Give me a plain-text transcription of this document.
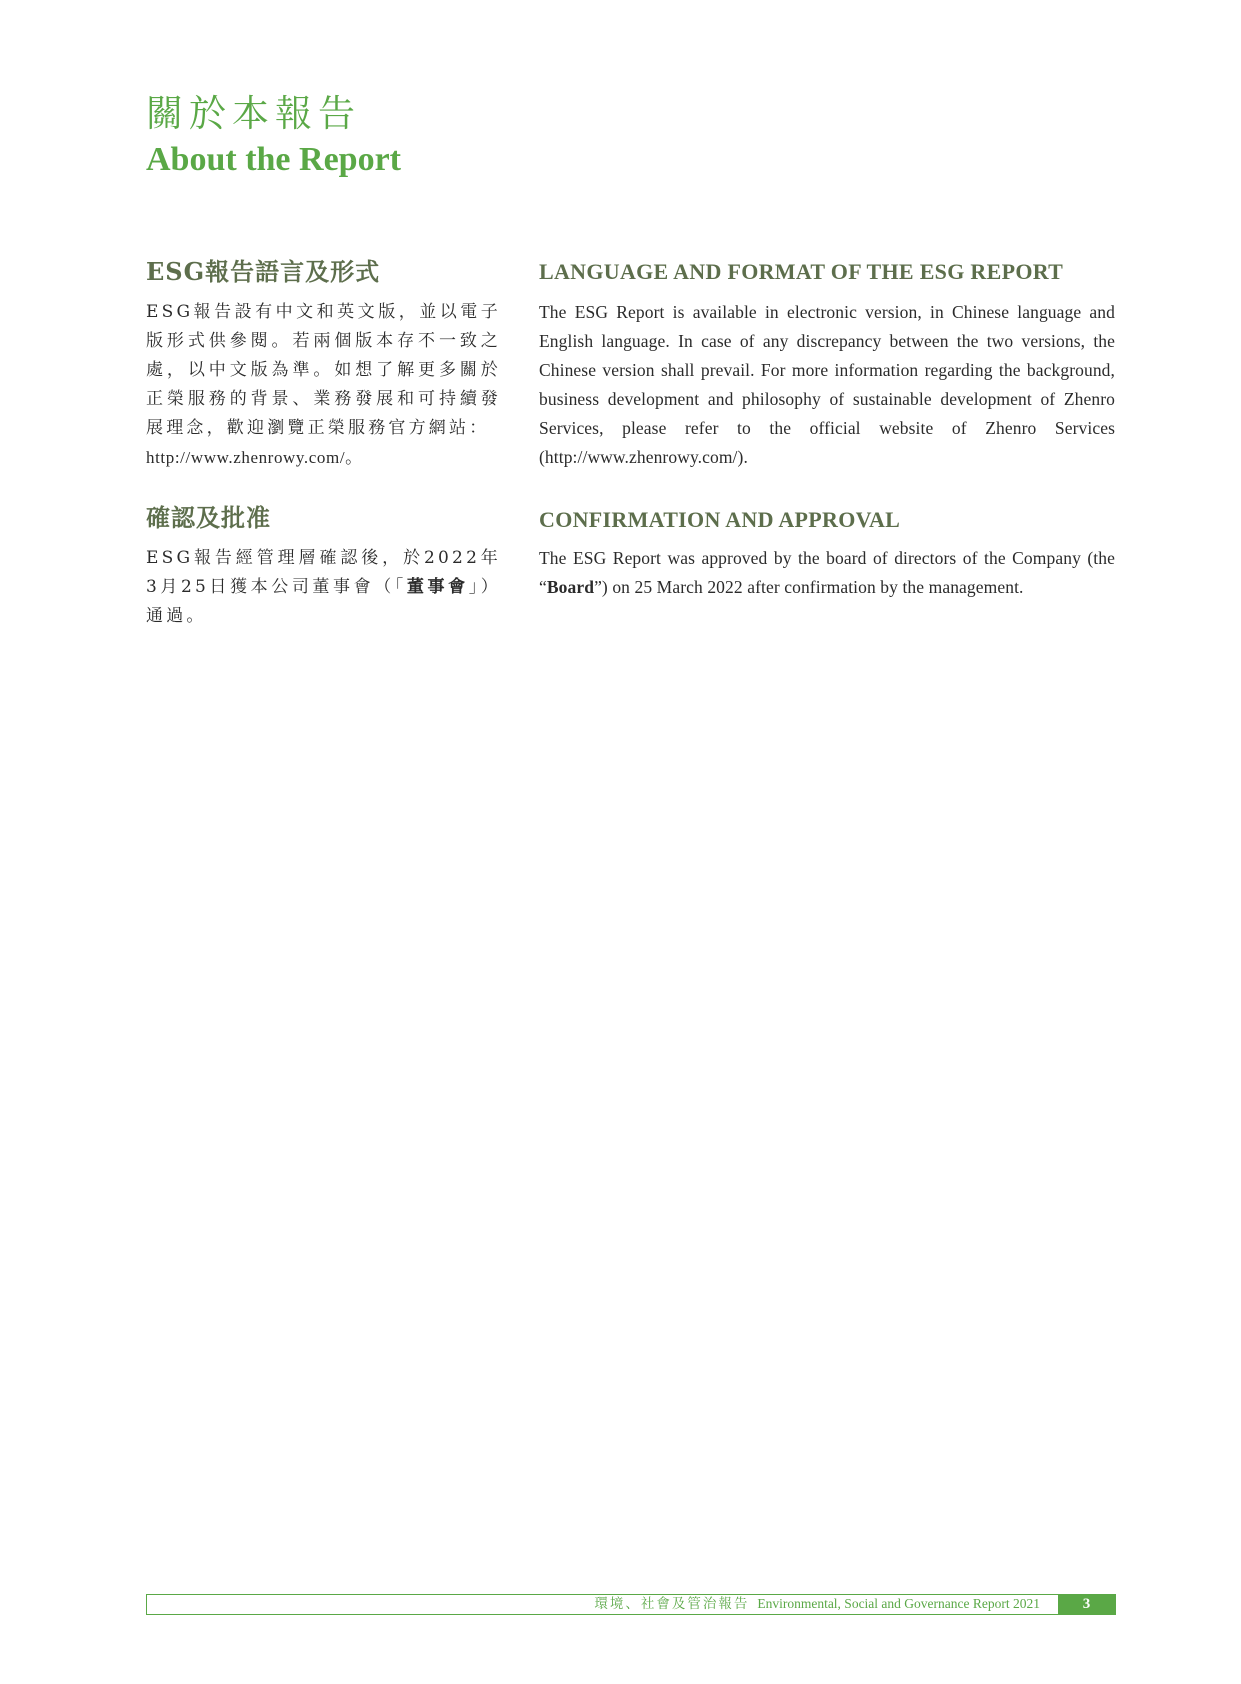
關於本報告
About the Report
ESG報告語言及形式

ESG報告設有中文和英文版，並以電子版形式供參閱。若兩個版本存不一致之處，以中文版為準。如想了解更多關於正榮服務的背景、業務發展和可持續發展理念，歡迎瀏覽正榮服務官方網站：
http://www.zhenrowy.com/。

LANGUAGE AND FORMAT OF THE ESG REPORT

The ESG Report is available in electronic version, in Chinese language and English language. In case of any discrepancy between the two versions, the Chinese version shall prevail. For more information regarding the background, business development and philosophy of sustainable development of Zhenro Services, please refer to the official website of Zhenro Services (http://www.zhenrowy.com/).

確認及批准

ESG報告經管理層確認後，於2022年3月25日獲本公司董事會（「董事會」）通過。

CONFIRMATION AND APPROVAL

The ESG Report was approved by the board of directors of the Company (the “Board”) on 25 March 2022 after confirmation by the management.

環境、社會及管治報告 Environmental, Social and Governance Report 2021	3
